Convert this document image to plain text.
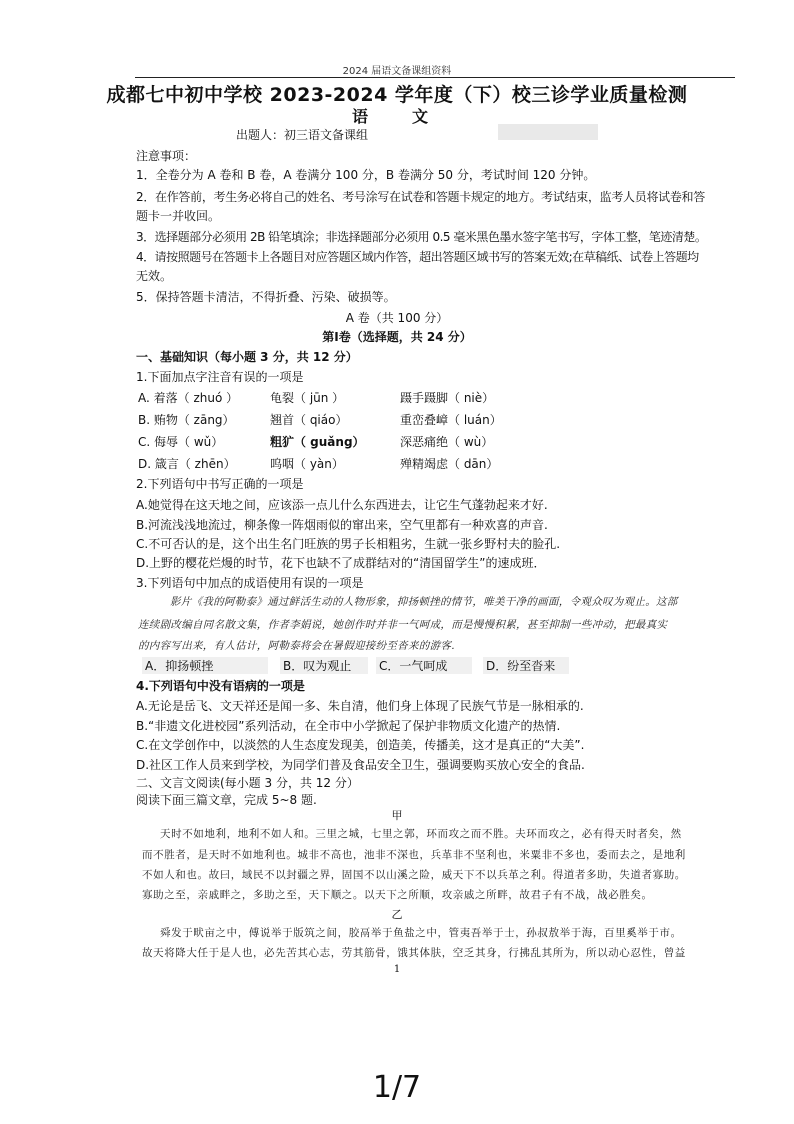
2024 届语文备课组资料
成都七中初中学校 2023-2024 学年度（下）校三诊学业质量检测
语　文
出题人：初三语文备课组
注意事项：
1．全卷分为 A 卷和 B 卷，A 卷满分 100 分，B 卷满分 50 分，考试时间 120 分钟。
2．在作答前，考生务必将自己的姓名、考号涂写在试卷和答题卡规定的地方。考试结束，监考人员将试卷和答
题卡一并收回。
3．选择题部分必须用 2B 铅笔填涂；非选择题部分必须用 0.5 毫米黑色墨水签字笔书写，字体工整，笔迹清楚。
4．请按照题号在答题卡上各题目对应答题区域内作答，超出答题区域书写的答案无效;在草稿纸、试卷上答题均
无效。
5．保持答题卡清洁，不得折叠、污染、破损等。
A 卷（共 100 分）
第Ⅰ卷（选择题，共 24 分）
一、基础知识（每小题 3 分，共 12 分）
1.下面加点字注音有误的一项是
A. 着落（ zhuó ）	龟裂（ jūn ）	蹑手蹑脚（ niè）
B. 贿物（ zāng）	翘首（ qiáo）	重峦叠嶂（ luán）
C. 侮辱（ wǔ）	粗犷（ guǎng）	深恶痛绝（ wù）
D. 箴言（ zhēn）	呜咽（ yàn）	殚精竭虑（ dān）
2.下列语句中书写正确的一项是
A.她觉得在这天地之间，应该添一点儿什么东西进去，让它生气蓬勃起来才好.
B.河流浅浅地流过，柳条像一阵烟雨似的窜出来，空气里都有一种欢喜的声音.
C.不可否认的是，这个出生名门旺族的男子长相粗劣，生就一张乡野村夫的脸孔.
D.上野的樱花烂熳的时节，花下也缺不了成群结对的“清国留学生”的速成班．
3.下列语句中加点的成语使用有误的一项是
影片《我的阿勒泰》通过鲜活生动的人物形象，抑扬顿挫的情节，唯美干净的画面，令观众叹为观止。这部
连续剧改编自同名散文集，作者李娟说，她创作时并非一气呵成，而是慢慢积累，甚至抑制一些冲动，把最真实
的内容写出来，有人估计，阿勒泰将会在暑假迎接纷至沓来的游客.
A．抑扬顿挫	B．叹为观止	C．一气呵成	D．纷至沓来
4.下列语句中没有语病的一项是
A.无论是岳飞、文天祥还是闻一多、朱自清，他们身上体现了民族气节是一脉相承的.
B.“非遗文化进校园”系列活动，在全市中小学掀起了保护非物质文化遗产的热情.
C.在文学创作中，以淡然的人生态度发现美，创造美，传播美，这才是真正的“大美”.
D.社区工作人员来到学校，为同学们普及食品安全卫生，强调要购买放心安全的食品.
二、文言文阅读(每小题 3 分，共 12 分）
阅读下面三篇文章，完成 5~8 题.
甲
天时不如地利，地利不如人和。三里之城，七里之郭，环而攻之而不胜。夫环而攻之，必有得天时者矣，然
而不胜者，是天时不如地利也。城非不高也，池非不深也，兵革非不坚利也，米粟非不多也，委而去之，是地利
不如人和也。故曰，域民不以封疆之界，固国不以山溪之险，威天下不以兵革之利。得道者多助，失道者寡助。
寡助之至，亲戚畔之，多助之至，天下顺之。以天下之所顺，攻亲戚之所畔，故君子有不战，战必胜矣。
乙
舜发于畎亩之中，傅说举于版筑之间，胶鬲举于鱼盐之中，管夷吾举于士，孙叔敖举于海，百里奚举于市。
故天将降大任于是人也，必先苦其心志，劳其筋骨，饿其体肤，空乏其身，行拂乱其所为，所以动心忍性，曾益
1
1/7
